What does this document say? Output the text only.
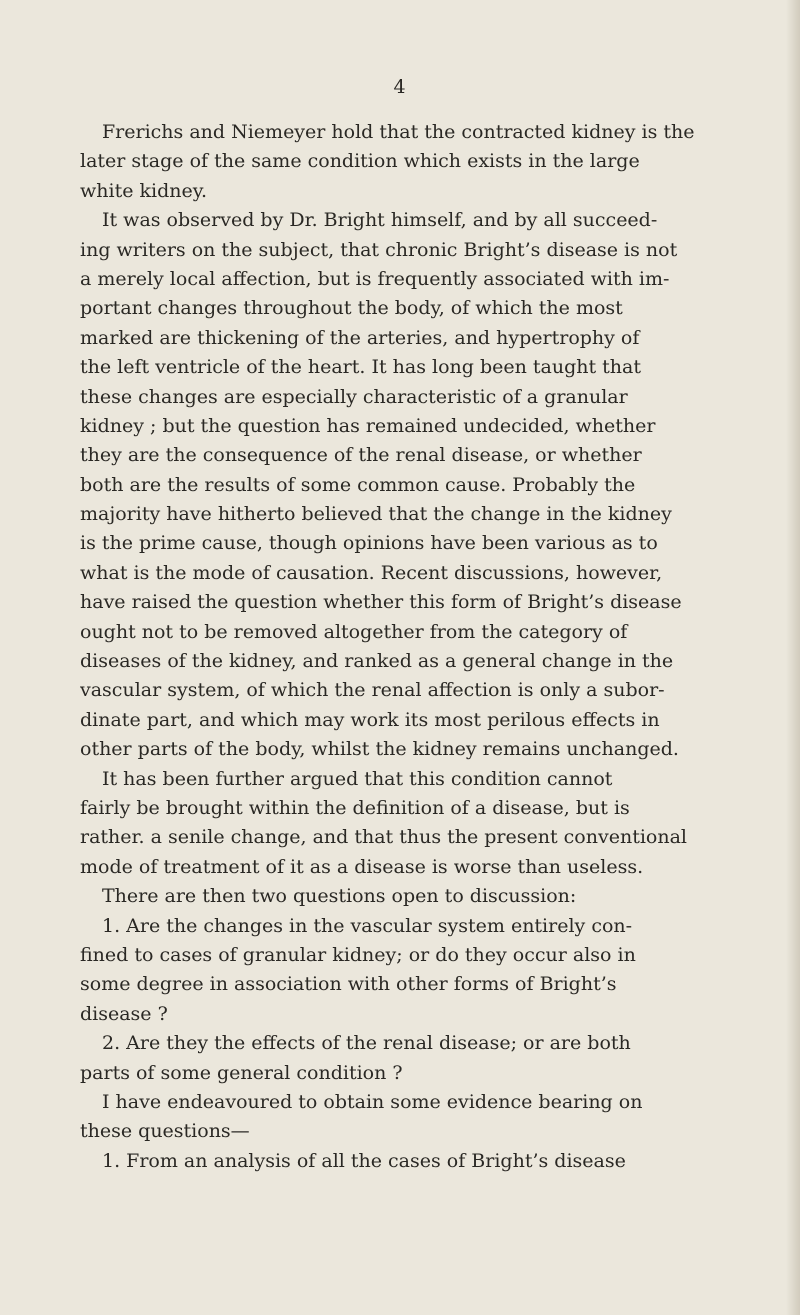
4
Frerichs and Niemeyer hold that the contracted kidney is the
later stage of the same condition which exists in the large
white kidney.
It was observed by Dr. Bright himself, and by all succeed-
ing writers on the subject, that chronic Bright’s disease is not
a merely local affection, but is frequently associated with im-
portant changes throughout the body, of which the most
marked are thickening of the arteries, and hypertrophy of
the left ventricle of the heart. It has long been taught that
these changes are especially characteristic of a granular
kidney ; but the question has remained undecided, whether
they are the consequence of the renal disease, or whether
both are the results of some common cause. Probably the
majority have hitherto believed that the change in the kidney
is the prime cause, though opinions have been various as to
what is the mode of causation. Recent discussions, however,
have raised the question whether this form of Bright’s disease
ought not to be removed altogether from the category of
diseases of the kidney, and ranked as a general change in the
vascular system, of which the renal affection is only a subor-
dinate part, and which may work its most perilous effects in
other parts of the body, whilst the kidney remains unchanged.
It has been further argued that this condition cannot
fairly be brought within the definition of a disease, but is
rather. a senile change, and that thus the present conventional
mode of treatment of it as a disease is worse than useless.
There are then two questions open to discussion:
1. Are the changes in the vascular system entirely con-
fined to cases of granular kidney; or do they occur also in
some degree in association with other forms of Bright’s
disease ?
2. Are they the effects of the renal disease; or are both
parts of some general condition ?
I have endeavoured to obtain some evidence bearing on
these questions—
1. From an analysis of all the cases of Bright’s disease
